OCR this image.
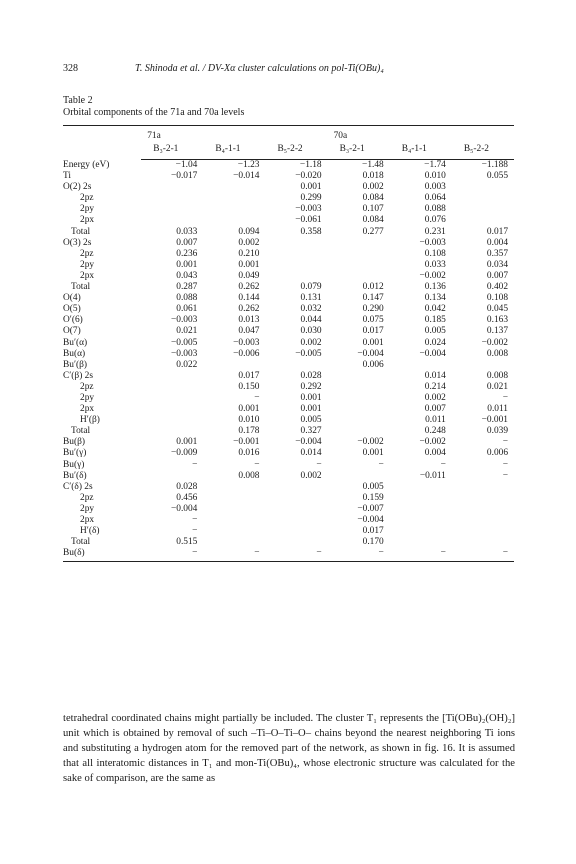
328	T. Shinoda et al. / DV-Xα cluster calculations on pol-Ti(OBu)₄
Table 2
Orbital components of the 71a and 70a levels
	71a			70a		
	B₃-2-1	B₄-1-1	B₅-2-2	B₃-2-1	B₄-1-1	B₅-2-2
Energy (eV)	−1.04	−1.23	−1.18	−1.48	−1.74	−1.188
Ti	−0.017	−0.014	−0.020	0.018	0.010	0.055
O(2) 2s			0.001	0.002	0.003	
2pz			0.299	0.084	0.064	
2py			−0.003	0.107	0.088	
2px			−0.061	0.084	0.076	
Total	0.033	0.094	0.358	0.277	0.231	0.017
O(3) 2s	0.007	0.002			−0.003	0.004
2pz	0.236	0.210			0.108	0.357
2py	0.001	0.001			0.033	0.034
2px	0.043	0.049			−0.002	0.007
Total	0.287	0.262	0.079	0.012	0.136	0.402
O(4)	0.088	0.144	0.131	0.147	0.134	0.108
O(5)	0.061	0.262	0.032	0.290	0.042	0.045
O′(6)	−0.003	0.013	0.044	0.075	0.185	0.163
O(7)	0.021	0.047	0.030	0.017	0.005	0.137
Bu′(α)	−0.005	−0.003	0.002	0.001	0.024	−0.002
Bu(α)	−0.003	−0.006	−0.005	−0.004	−0.004	0.008
Bu′(β)	0.022			0.006		
C′(β) 2s		0.017	0.028		0.014	0.008
2pz		0.150	0.292		0.214	0.021
2py		−	0.001		0.002	−
2px		0.001	0.001		0.007	0.011
H′(β)		0.010	0.005		0.011	−0.001
Total		0.178	0.327		0.248	0.039
Bu(β)	0.001	−0.001	−0.004	−0.002	−0.002	−
Bu′(γ)	−0.009	0.016	0.014	0.001	0.004	0.006
Bu(γ)	−	−	−	−	−	−
Bu′(δ)		0.008	0.002		−0.011	−
C′(δ) 2s	0.028			0.005		
2pz	0.456			0.159		
2py	−0.004			−0.007		
2px	−			−0.004		
H′(δ)	−			0.017		
Total	0.515			0.170		
Bu(δ)	−	−	−	−	−	−

tetrahedral coordinated chains might partially be included. The cluster T₁ represents the [Ti(OBu)₂(OH)₂] unit which is obtained by removal of such –Ti–O–Ti–O– chains beyond the nearest neighboring Ti ions and substituting a hydrogen atom for the removed part of the network, as shown in fig. 16. It is assumed that all interatomic distances in T₁ and mon-Ti(OBu)₄, whose electronic structure was calculated for the sake of comparison, are the same as
